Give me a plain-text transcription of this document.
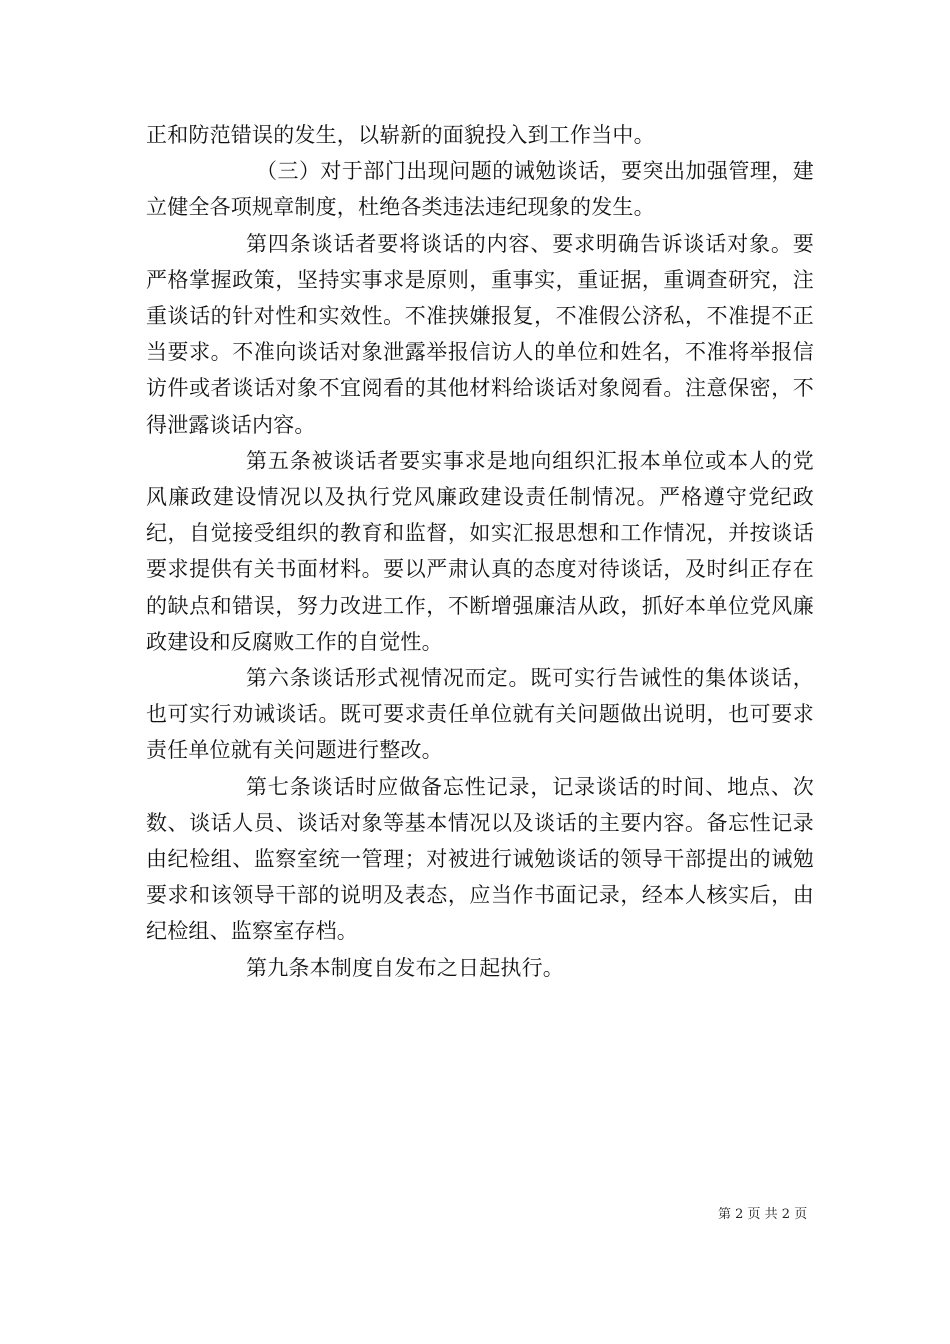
正和防范错误的发生，以崭新的面貌投入到工作当中。

（三）对于部门出现问题的诫勉谈话，要突出加强管理，建立健全各项规章制度，杜绝各类违法违纪现象的发生。

第四条谈话者要将谈话的内容、要求明确告诉谈话对象。要严格掌握政策，坚持实事求是原则，重事实，重证据，重调查研究，注重谈话的针对性和实效性。不准挟嫌报复，不准假公济私，不准提不正当要求。不准向谈话对象泄露举报信访人的单位和姓名，不准将举报信访件或者谈话对象不宜阅看的其他材料给谈话对象阅看。注意保密，不得泄露谈话内容。

第五条被谈话者要实事求是地向组织汇报本单位或本人的党风廉政建设情况以及执行党风廉政建设责任制情况。严格遵守党纪政纪，自觉接受组织的教育和监督，如实汇报思想和工作情况，并按谈话要求提供有关书面材料。要以严肃认真的态度对待谈话，及时纠正存在的缺点和错误，努力改进工作，不断增强廉洁从政，抓好本单位党风廉政建设和反腐败工作的自觉性。

第六条谈话形式视情况而定。既可实行告诫性的集体谈话，也可实行劝诫谈话。既可要求责任单位就有关问题做出说明，也可要求责任单位就有关问题进行整改。

第七条谈话时应做备忘性记录，记录谈话的时间、地点、次数、谈话人员、谈话对象等基本情况以及谈话的主要内容。备忘性记录由纪检组、监察室统一管理；对被进行诫勉谈话的领导干部提出的诫勉要求和该领导干部的说明及表态，应当作书面记录，经本人核实后，由纪检组、监察室存档。

第九条本制度自发布之日起执行。

第 2 页 共 2 页
